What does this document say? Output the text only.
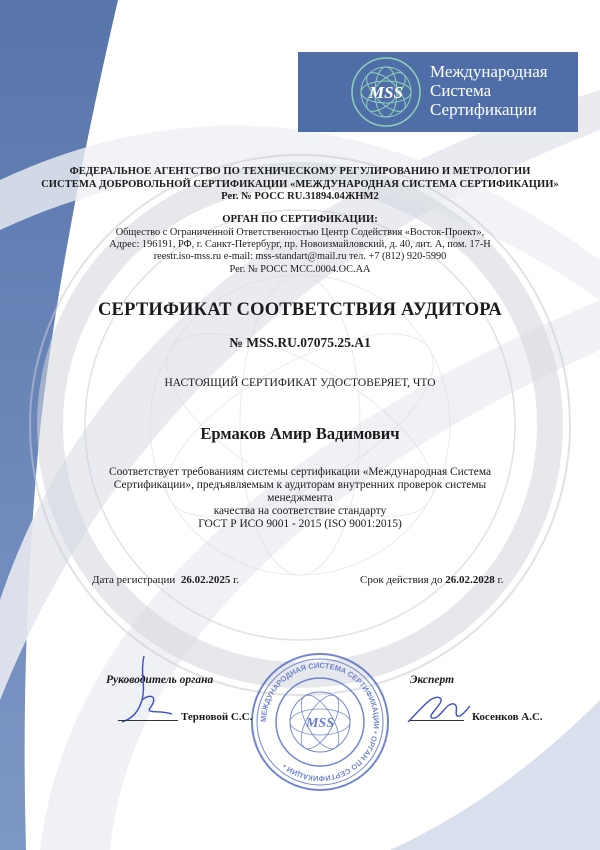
MSS
Международная
Система
Сертификации
ФЕДЕРАЛЬНОЕ АГЕНТСТВО ПО ТЕХНИЧЕСКОМУ РЕГУЛИРОВАНИЮ И МЕТРОЛОГИИ
СИСТЕМА ДОБРОВОЛЬНОЙ СЕРТИФИКАЦИИ «МЕЖДУНАРОДНАЯ СИСТЕМА СЕРТИФИКАЦИИ»
Рег. № РОСС RU.31894.04ЖНМ2
ОРГАН ПО СЕРТИФИКАЦИИ:
Общество с Ограниченной Ответственностью Центр Содействия «Восток-Проект»,
Адрес: 196191, РФ, г. Санкт-Петербург, пр. Новоизмайловский, д. 40, лит. А, пом. 17-Н
reestr.iso-mss.ru e-mail: mss-standart@mail.ru тел. +7 (812) 920-5990
Рег. № РОСС МСС.0004.ОС.АА
СЕРТИФИКАТ СООТВЕТСТВИЯ АУДИТОРА
№ MSS.RU.07075.25.А1
НАСТОЯЩИЙ СЕРТИФИКАТ УДОСТОВЕРЯЕТ, ЧТО
Ермаков Амир Вадимович
Соответствует требованиям системы сертификации «Международная Система
Сертификации», предъявляемым к аудиторам внутренних проверок системы менеджмента
качества на соответствие стандарту
ГОСТ Р ИСО 9001 - 2015 (ISO 9001:2015)
Дата регистрации 26.02.2025 г.	Срок действия до 26.02.2028 г.
МЕЖДУНАРОДНАЯ СИСТЕМА СЕРТИФИКАЦИИ • ОРГАН ПО СЕРТИФИКАЦИИ •
MSS
Руководитель органа
Терновой С.С.
Эксперт
Косенков А.С.
